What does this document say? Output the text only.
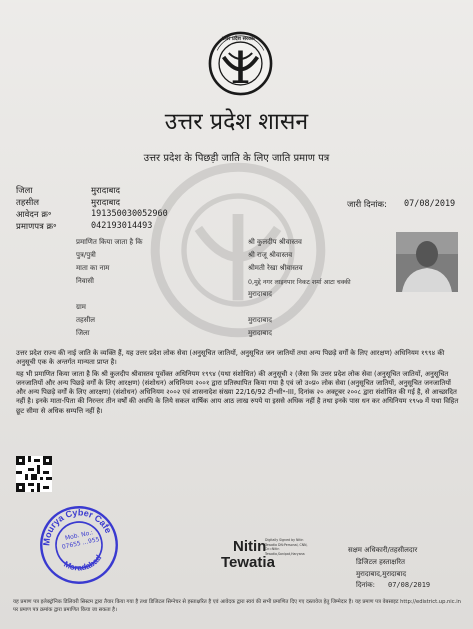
उत्तर प्रदेश सरकार
उत्तर प्रदेश शासन
उत्तर प्रदेश के पिछड़ी जाति के लिए जाति प्रमाण पत्र
जिला	मुरादाबाद
तहसील	मुरादाबाद
आवेदन क्र॰	191350030052960
प्रमाणपत्र क्र॰	042193014493
जारी दिनांक: 07/08/2019
प्रमाणित किया जाता है कि	श्री कुलदीप श्रीवास्तव
पुत्र/पुत्री	श्री राजू श्रीवास्तव
माता का नाम	श्रीमती रेखा श्रीवास्तव
निवासी	0,मुद्दे नगर लाइनपार निकट शर्मा आटा चक्की
मुरादाबाद
ग्राम
तहसील	मुरादाबाद
जिला	मुरादाबाद

उत्तर प्रदेश राज्य की नाई जाति के व्यक्ति हैं, यह उत्तर प्रदेश लोक सेवा (अनुसूचित जातियों, अनुसूचित जन जातियों तथा अन्य पिछड़े वर्गों के लिए आरक्षण) अधिनियम १९९४ की अनुसूची एक के अन्तर्गत मान्यता प्राप्त है।

यह भी प्रमाणित किया जाता है कि श्री कुलदीप श्रीवास्तव पूर्वोक्त अधिनियम १९९४ (यथा संशोधित) की अनुसूची २ (जैसा कि उत्तर प्रदेश लोक सेवा (अनुसूचित जातियों, अनुसूचित जनजातियों और अन्य पिछड़े वर्गों के लिए आरक्षण) (संशोधन) अधिनियम २००१ द्वारा प्रतिस्थापित किया गया है एवं जो उ०प्र० लोक सेवा (अनुसूचित जातियों, अनुसूचित जनजातियों और अन्य पिछड़े वर्गों के लिए आरक्षण) (संशोधन) अधिनियम २००२ एवं शासनादेश संख्या 22/16/92 टी॰सी॰-III, दिनांक २० अक्टूबर २००८ द्वारा संशोधित की गई है, से आच्छादित नहीं है। इनके माता-पिता की निरन्तर तीन वर्षों की अवधि के लिये सकल वार्षिक आय आठ लाख रुपये या इससे अधिक नहीं है तथा इनके पास धन कर अधिनियम १९५७ में यथा विहित छूट सीमा से अधिक सम्पत्ति नहीं है।

Mourya Cyber Cafe
Moradabad
Mob. No.: 07655 ...955	Nitin
Tewatia
Digitally Signed by Nitin
Tewatia DN:Personal, CNN,
Cn=Nitin
Tewatia,Sonipat,Haryana	सक्षम अधिकारी/तहसीलदार
डिजिटल हस्ताक्षरित
मुरादाबाद,मुरादाबाद
दिनांक: 07/08/2019
यह प्रमाण पत्र इलेक्ट्रॉनिक डिलिवरी सिस्टम द्वारा तैयार किया गया है तथा डिजिटल सिग्नेचर से हस्ताक्षरित है एवं आवेदक द्वारा स्वयं की सभी प्रमाणित दिए गए दस्तावेज हेतु जिम्मेदार है। यह प्रमाण पत्र वेबसाइट http://edistrict.up.nic.in पर प्रमाण पत्र क्रमांक द्वारा प्रमाणित किया जा सकता है।
